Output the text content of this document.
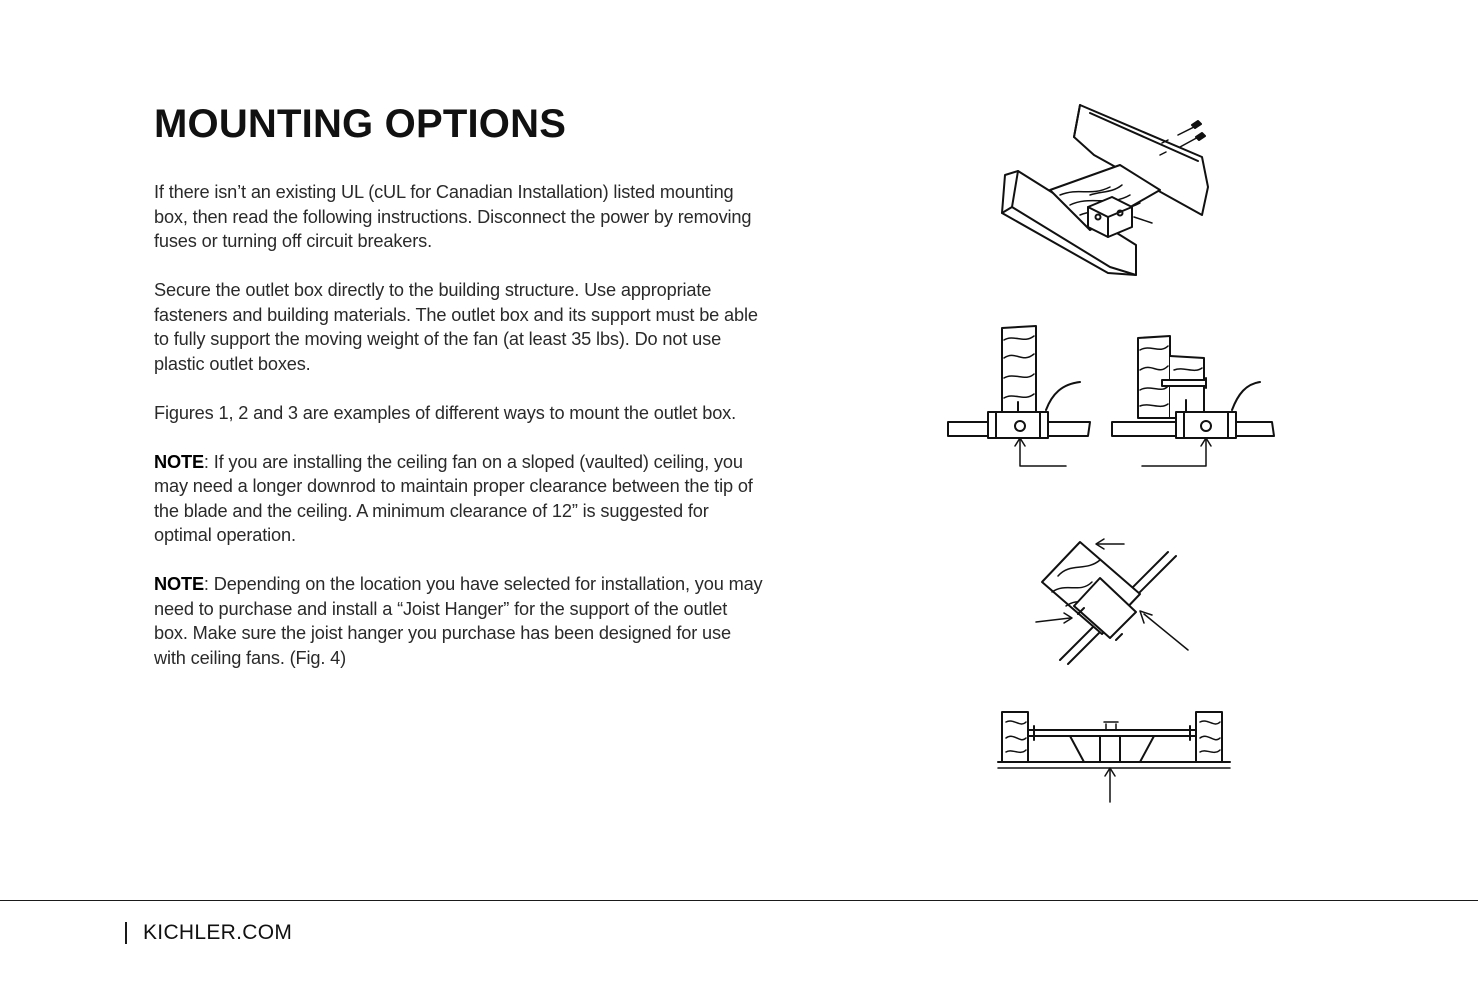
MOUNTING OPTIONS

If there isn’t an existing UL (cUL for Canadian Installation) listed mounting box, then read the following instructions. Disconnect the power by removing fuses or turning off circuit breakers.

Secure the outlet box directly to the building structure. Use appropriate fasteners and building materials. The outlet box and its support must be able to fully support the moving weight of the fan (at least 35 lbs). Do not use plastic outlet boxes.

Figures 1, 2 and 3 are examples of different ways to mount the outlet box.

NOTE: If you are installing the ceiling fan on a sloped (vaulted) ceiling, you may need a longer downrod to maintain proper clearance between the tip of the blade and the ceiling. A minimum clearance of 12” is suggested for optimal operation.

NOTE: Depending on the location you have selected for installation, you may need to purchase and install a “Joist Hanger” for the support of the outlet box. Make sure the joist hanger you purchase has been designed for use with ceiling fans. (Fig. 4)

KICHLER.COM
